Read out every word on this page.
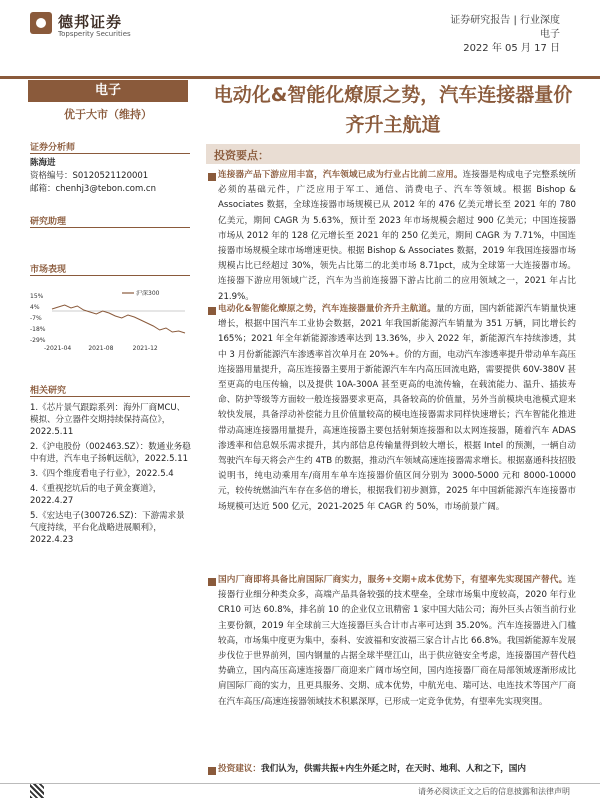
德邦证券
Topsperity Securities
证券研究报告 | 行业深度
电子
2022 年 05 月 17 日
电子
优于大市（维持）
证券分析师
陈海进
资格编号：S0120521120001
邮箱：chenhj3@tebon.com.cn
研究助理
市场表现
15%
4%
-7%
-18%
-29%
-2021-04	2021-08	2021-12
沪深300
相关研究
1.《芯片景气跟踪系列：海外厂商MCU、模拟、分立器件交期持续保持高位》，2022.5.11
2.《沪电股份（002463.SZ）：数通业务稳中有进，汽车电子扬帆远航》，2022.5.11
3.《四个维度看电子行业》，2022.5.4
4.《重视挖坑后的电子黄金赛道》，2022.4.27
5.《宏达电子(300726.SZ)：下游需求景气度持续，平台化战略进展顺利》，2022.4.23
电动化&智能化燎原之势，汽车连接器量价齐升主航道
投资要点：
连接器产品下游应用丰富，汽车领域已成为行业占比前二应用。连接器是构成电子完整系统所必须的基础元件，广泛应用于军工、通信、消费电子、汽车等领域。根据 Bishop & Associates 数据，全球连接器市场规模已从 2012 年的 476 亿美元增长至 2021 年的 780 亿美元，期间 CAGR 为 5.63%，预计至 2023 年市场规模会超过 900 亿美元；中国连接器市场从 2012 年的 128 亿元增长至 2021 年的 250 亿美元，期间 CAGR 为 7.71%，中国连接器市场规模全球市场增速更快。根据 Bishop & Associates 数据，2019 年我国连接器市场规模占比已经超过 30%，领先占比第二的北美市场 8.71pct，成为全球第一大连接器市场。连接器下游应用领域广泛，汽车为当前连接器下游占比前二的应用领域之一，2021 年占比 21.9%。
电动化&智能化燎原之势，汽车连接器量价齐升主航道。量的方面，国内新能源汽车销量快速增长，根据中国汽车工业协会数据，2021 年我国新能源汽车销量为 351 万辆，同比增长约 165%；2021 年全年新能源渗透率达到 13.36%，步入 2022 年，新能源汽车持续渗透，其中 3 月份新能源汽车渗透率首次单月在 20%+。价的方面，电动汽车渗透率提升带动单车高压连接器用量提升，高压连接器主要用于新能源汽车车内高压回流电路，需要提供 60V-380V 甚至更高的电压传输，以及提供 10A-300A 甚至更高的电流传输，在载流能力、温升、插拔寿命、防护等级等方面较一般连接器要求更高，具备较高的价值量，另外当前模块电池模式迎来较快发展，具备浮动补偿能力且价值量较高的模电连接器需求同样快速增长；汽车智能化推进带动高速连接器用量提升，高速连接器主要包括射频连接器和以太网连接器，随着汽车 ADAS 渗透率和信息娱乐需求提升，其内部信息传输量得到较大增长，根据 Intel 的预测，一辆自动驾驶汽车每天将会产生约 4TB 的数据，推动汽车领域高速连接器需求增长。根据嘉通科技招股说明书，纯电动乘用车/商用车单车连接器价值区间分别为 3000-5000 元和 8000-10000 元，较传统燃油汽车存在多倍的增长，根据我们初步测算，2025 年中国新能源汽车连接器市场规模可达近 500 亿元，2021-2025 年 CAGR 约 50%，市场前景广阔。
国内厂商即将具备比肩国际厂商实力，服务+交期+成本优势下，有望率先实现国产替代。连接器行业细分种类众多，高端产品具备较强的技术壁垒，全球市场集中度较高，2020 年行业 CR10 可达 60.8%，排名前 10 的企业仅立讯精密 1 家中国大陆公司；海外巨头占领当前行业主要份额，2019 年全球前三大连接器巨头合计市占率可达到 35.20%。汽车连接器进入门槛较高，市场集中度更为集中，泰科、安波福和安波福三家合计占比 66.8%。我国新能源车发展步伐位于世界前列，国内钢量的占据全球半壁江山，出于供应链安全考虑，连接器国产替代趋势确立，国内高压高速连接器厂商迎来广阔市场空间，国内连接器厂商在局部领域逐渐形成比肩国际厂商的实力，且更具服务、交期、成本优势，中航光电、瑞可达、电连技术等国产厂商在汽车高压/高速连接器领域技术积累深厚，已形成一定竞争优势，有望率先实现突围。
投资建议：我们认为，供需共振+内生外延之时，在天时、地利、人和之下，国内
请务必阅读正文之后的信息披露和法律声明
